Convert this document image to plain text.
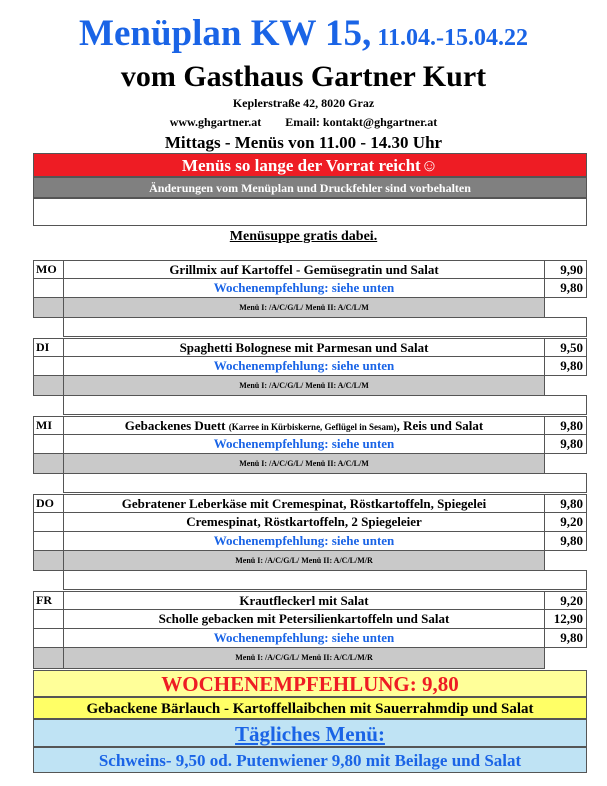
Menüplan KW 15, 11.04.-15.04.22
vom Gasthaus Gartner Kurt
Keplerstraße 42, 8020 Graz
www.ghgartner.at Email: kontakt@ghgartner.at
Mittags - Menüs von 11.00 - 14.30 Uhr
Menüs so lange der Vorrat reicht☺
Änderungen vom Menüplan und Druckfehler sind vorbehalten
Menüsuppe gratis dabei.
MO	Grillmix auf Kartoffel - Gemüsegratin und Salat	9,90
Wochenempfehlung: siehe unten	9,80
Menü I: /A/C/G/L/ Menü II: A/C/L/M
DI	Spaghetti Bolognese mit Parmesan und Salat	9,50
Wochenempfehlung: siehe unten	9,80
Menü I: /A/C/G/L/ Menü II: A/C/L/M
MI	Gebackenes Duett (Karree in Kürbiskerne, Geflügel in Sesam), Reis und Salat	9,80
Wochenempfehlung: siehe unten	9,80
Menü I: /A/C/G/L/ Menü II: A/C/L/M
DO	Gebratener Leberkäse mit Cremespinat, Röstkartoffeln, Spiegelei	9,80
Cremespinat, Röstkartoffeln, 2 Spiegeleier	9,20
Wochenempfehlung: siehe unten	9,80
Menü I: /A/C/G/L/ Menü II: A/C/L/M/R
FR	Krautfleckerl mit Salat	9,20
Scholle gebacken mit Petersilienkartoffeln und Salat	12,90
Wochenempfehlung: siehe unten	9,80
Menü I: /A/C/G/L/ Menü II: A/C/L/M/R
WOCHENEMPFEHLUNG: 9,80
Gebackene Bärlauch - Kartoffellaibchen mit Sauerrahmdip und Salat
Tägliches Menü:
Schweins- 9,50 od. Putenwiener 9,80 mit Beilage und Salat
